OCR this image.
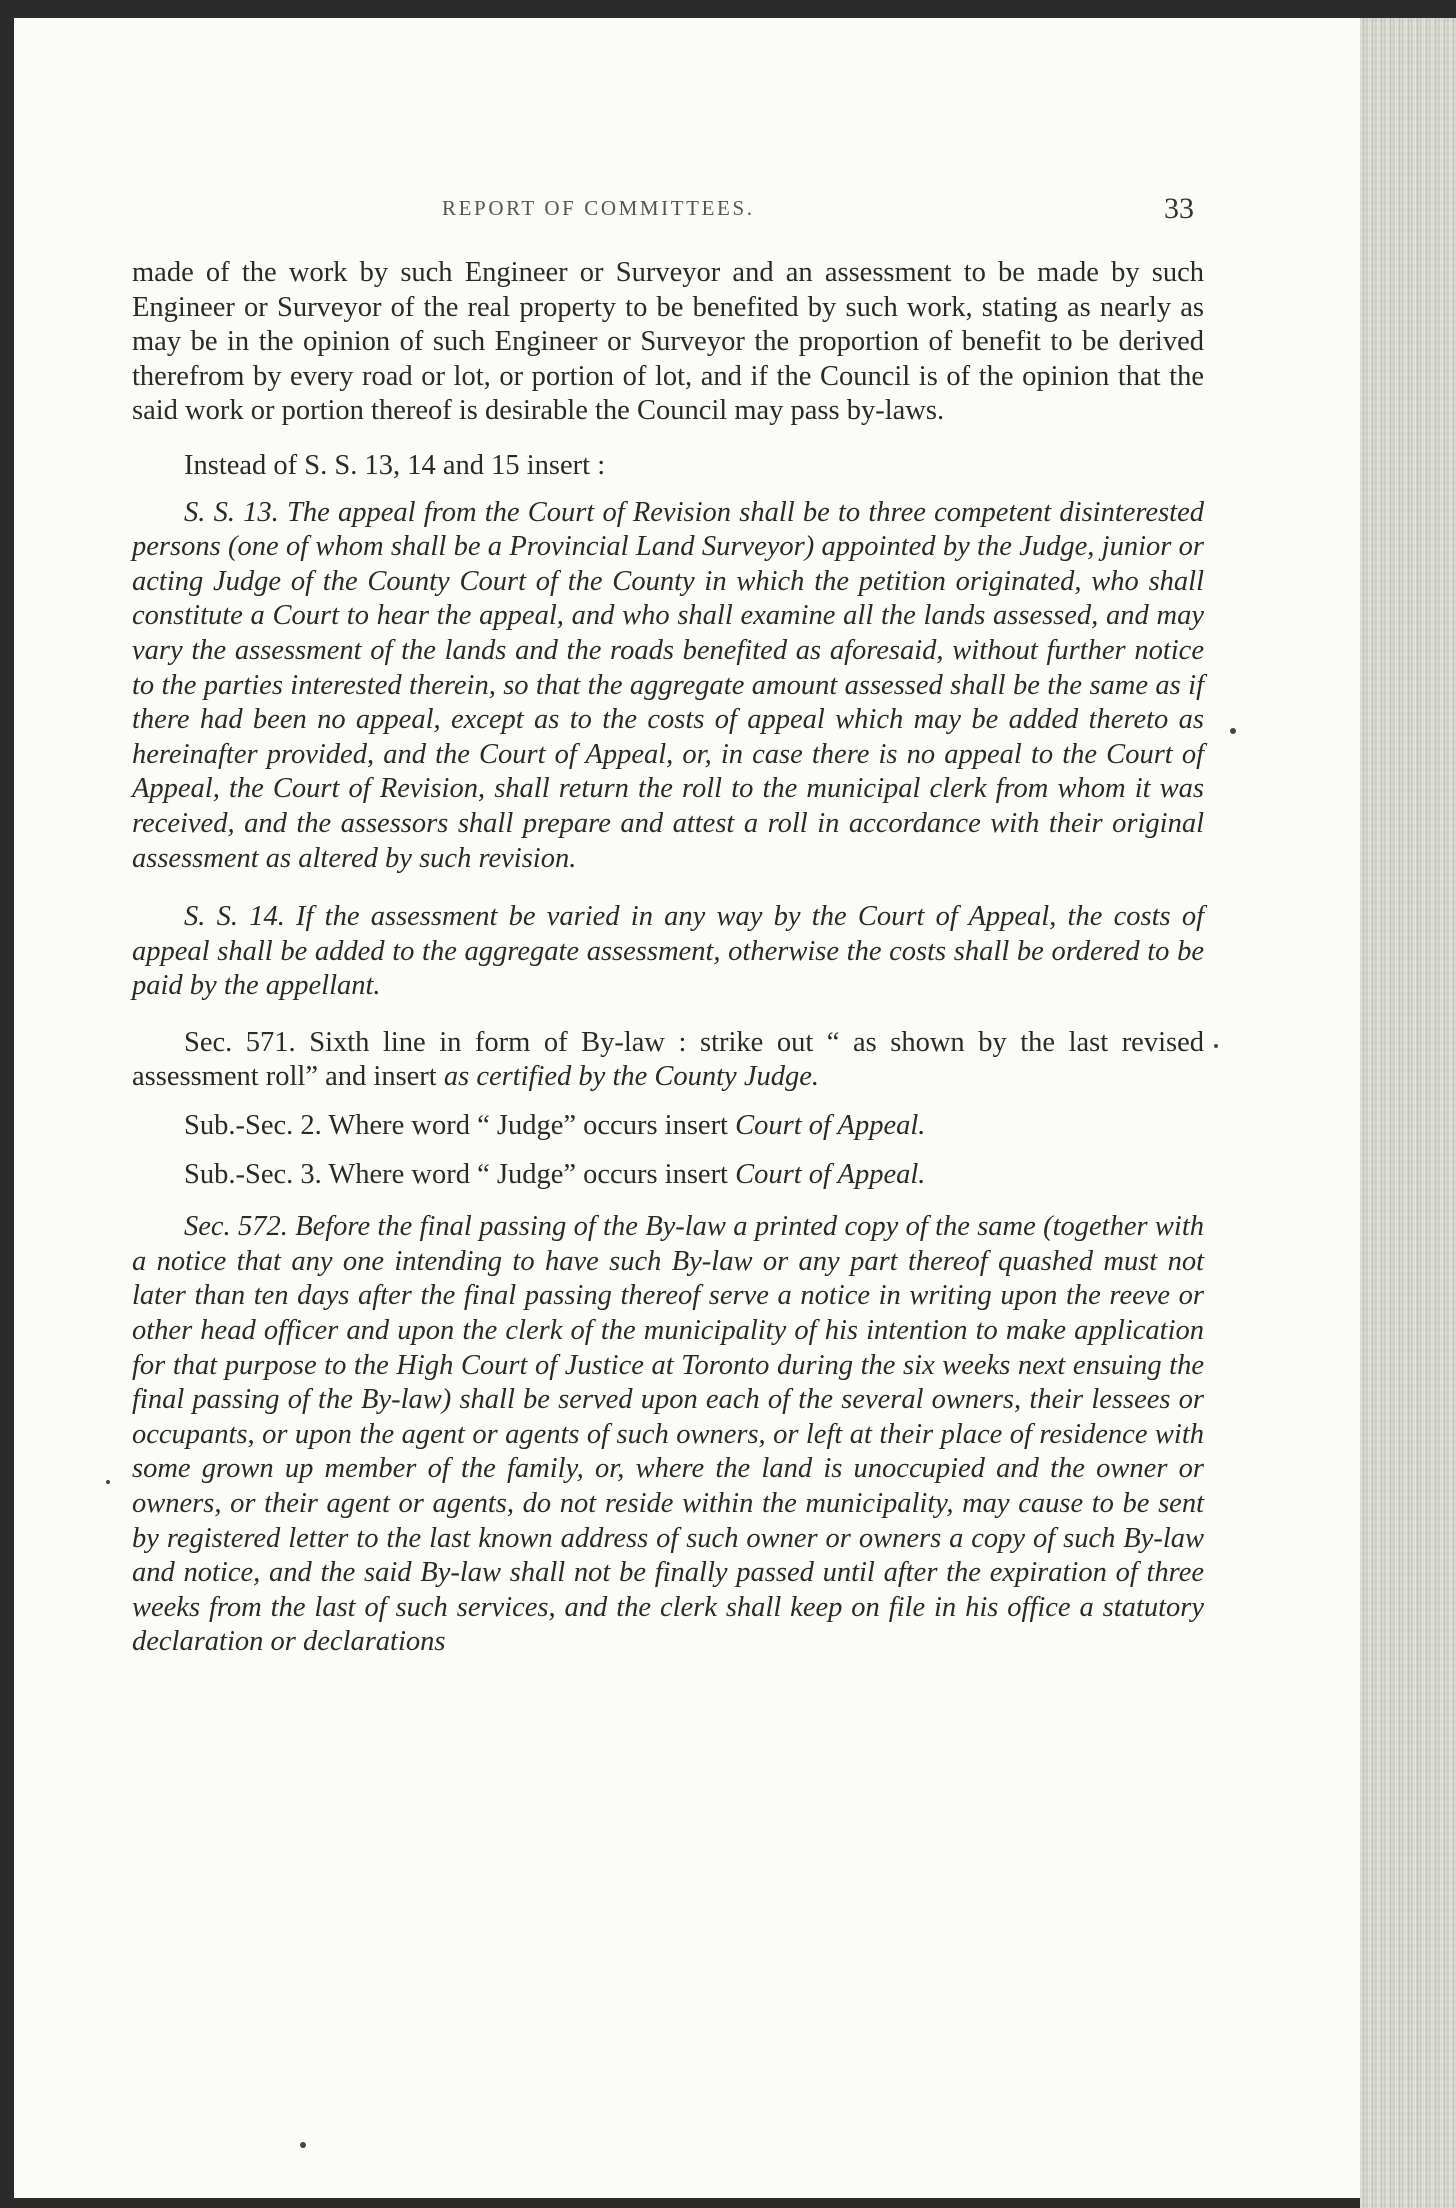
REPORT OF COMMITTEES.	33

made of the work by such Engineer or Surveyor and an assessment to be made by such Engineer or Surveyor of the real property to be benefited by such work, stating as nearly as may be in the opinion of such Engineer or Surveyor the proportion of benefit to be derived therefrom by every road or lot, or portion of lot, and if the Council is of the opinion that the said work or portion thereof is desirable the Council may pass by-laws.

Instead of S. S. 13, 14 and 15 insert :

S. S. 13. The appeal from the Court of Revision shall be to three competent disinterested persons (one of whom shall be a Provincial Land Surveyor) appointed by the Judge, junior or acting Judge of the County Court of the County in which the petition originated, who shall constitute a Court to hear the appeal, and who shall examine all the lands assessed, and may vary the assessment of the lands and the roads benefited as aforesaid, without further notice to the parties interested therein, so that the aggregate amount assessed shall be the same as if there had been no appeal, except as to the costs of appeal which may be added thereto as hereinafter provided, and the Court of Appeal, or, in case there is no appeal to the Court of Appeal, the Court of Revision, shall return the roll to the municipal clerk from whom it was received, and the assessors shall prepare and attest a roll in accordance with their original assessment as altered by such revision.

S. S. 14. If the assessment be varied in any way by the Court of Appeal, the costs of appeal shall be added to the aggregate assessment, otherwise the costs shall be ordered to be paid by the appellant.

Sec. 571. Sixth line in form of By-law : strike out “ as shown by the last revised assessment roll” and insert as certified by the County Judge.

Sub.-Sec. 2. Where word “ Judge” occurs insert Court of Appeal.

Sub.-Sec. 3. Where word “ Judge” occurs insert Court of Appeal.

Sec. 572. Before the final passing of the By-law a printed copy of the same (together with a notice that any one intending to have such By-law or any part thereof quashed must not later than ten days after the final passing thereof serve a notice in writing upon the reeve or other head officer and upon the clerk of the municipality of his intention to make application for that purpose to the High Court of Justice at Toronto during the six weeks next ensuing the final passing of the By-law) shall be served upon each of the several owners, their lessees or occupants, or upon the agent or agents of such owners, or left at their place of residence with some grown up member of the family, or, where the land is unoccupied and the owner or owners, or their agent or agents, do not reside within the municipality, may cause to be sent by registered letter to the last known address of such owner or owners a copy of such By-law and notice, and the said By-law shall not be finally passed until after the expiration of three weeks from the last of such services, and the clerk shall keep on file in his office a statutory declaration or declarations
